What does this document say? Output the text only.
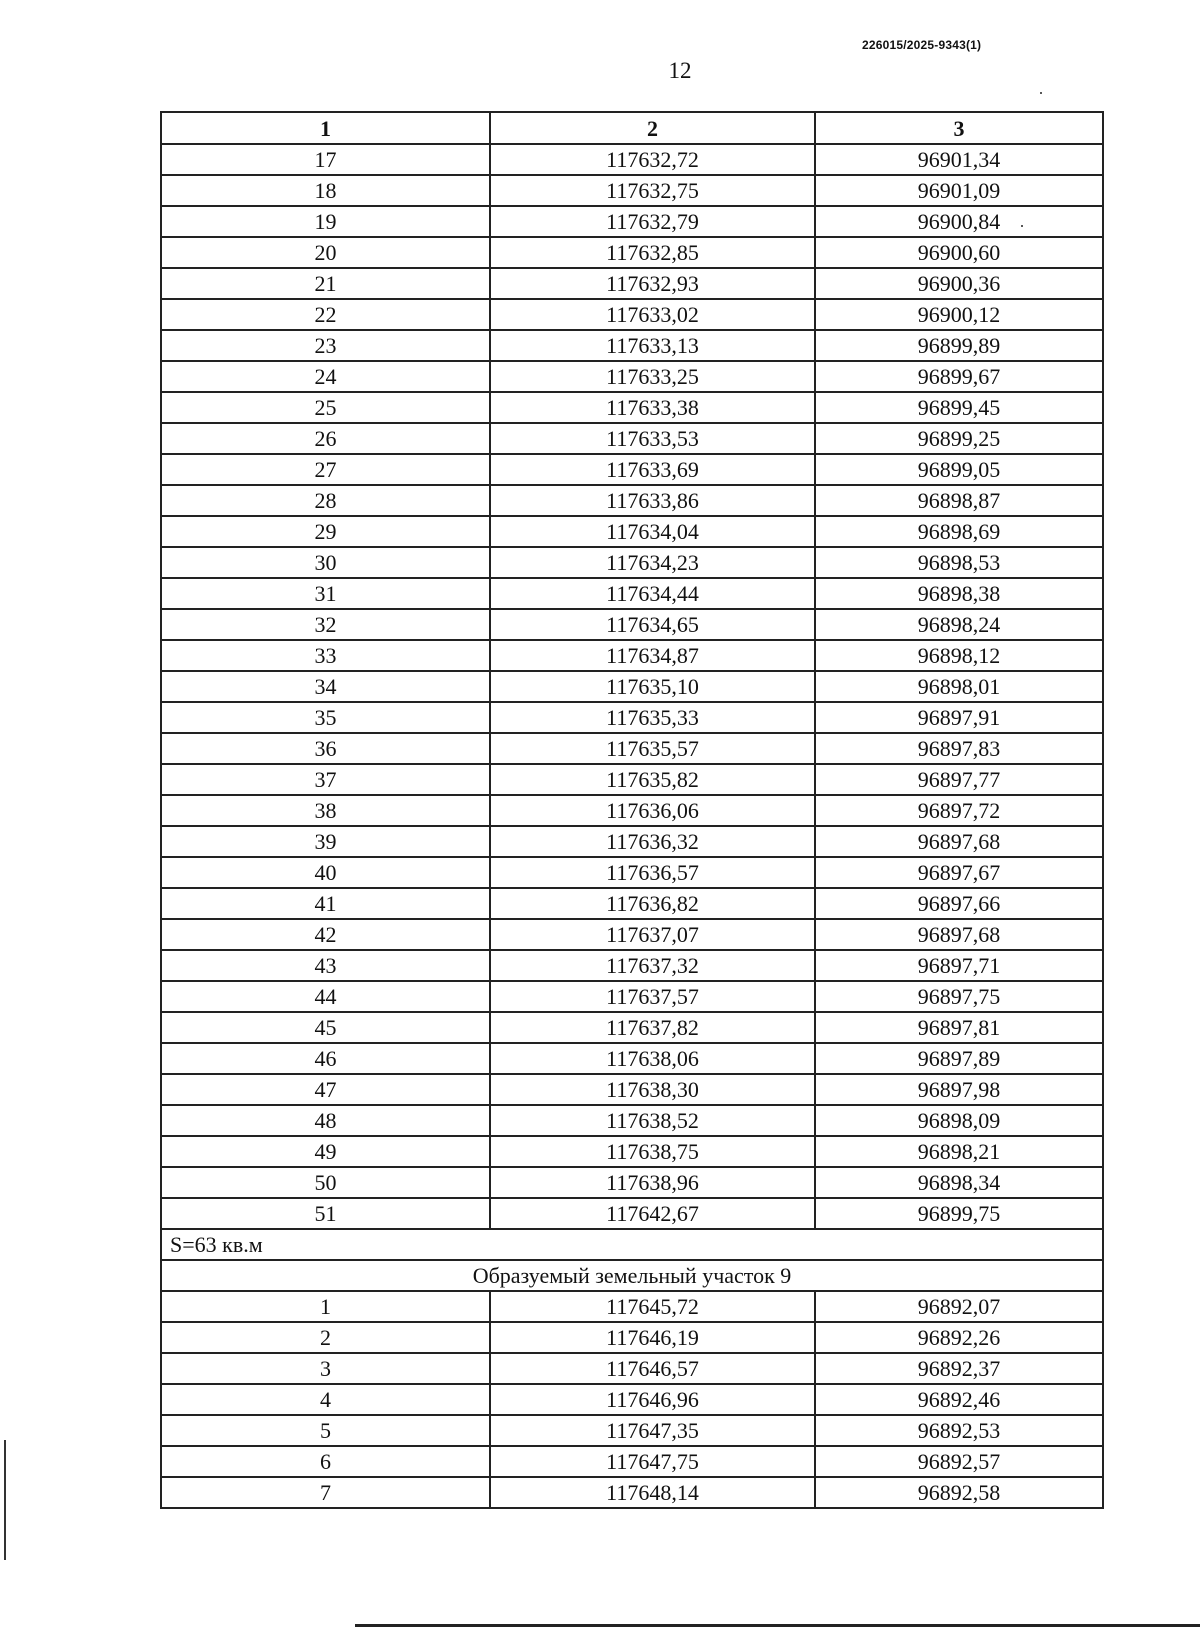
226015/2025-9343(1)
12
1	2	3
17	117632,72	96901,34
18	117632,75	96901,09
19	117632,79	96900,84
20	117632,85	96900,60
21	117632,93	96900,36
22	117633,02	96900,12
23	117633,13	96899,89
24	117633,25	96899,67
25	117633,38	96899,45
26	117633,53	96899,25
27	117633,69	96899,05
28	117633,86	96898,87
29	117634,04	96898,69
30	117634,23	96898,53
31	117634,44	96898,38
32	117634,65	96898,24
33	117634,87	96898,12
34	117635,10	96898,01
35	117635,33	96897,91
36	117635,57	96897,83
37	117635,82	96897,77
38	117636,06	96897,72
39	117636,32	96897,68
40	117636,57	96897,67
41	117636,82	96897,66
42	117637,07	96897,68
43	117637,32	96897,71
44	117637,57	96897,75
45	117637,82	96897,81
46	117638,06	96897,89
47	117638,30	96897,98
48	117638,52	96898,09
49	117638,75	96898,21
50	117638,96	96898,34
51	117642,67	96899,75
S=63 кв.м		
Образуемый земельный участок 9		
1	117645,72	96892,07
2	117646,19	96892,26
3	117646,57	96892,37
4	117646,96	96892,46
5	117647,35	96892,53
6	117647,75	96892,57
7	117648,14	96892,58
